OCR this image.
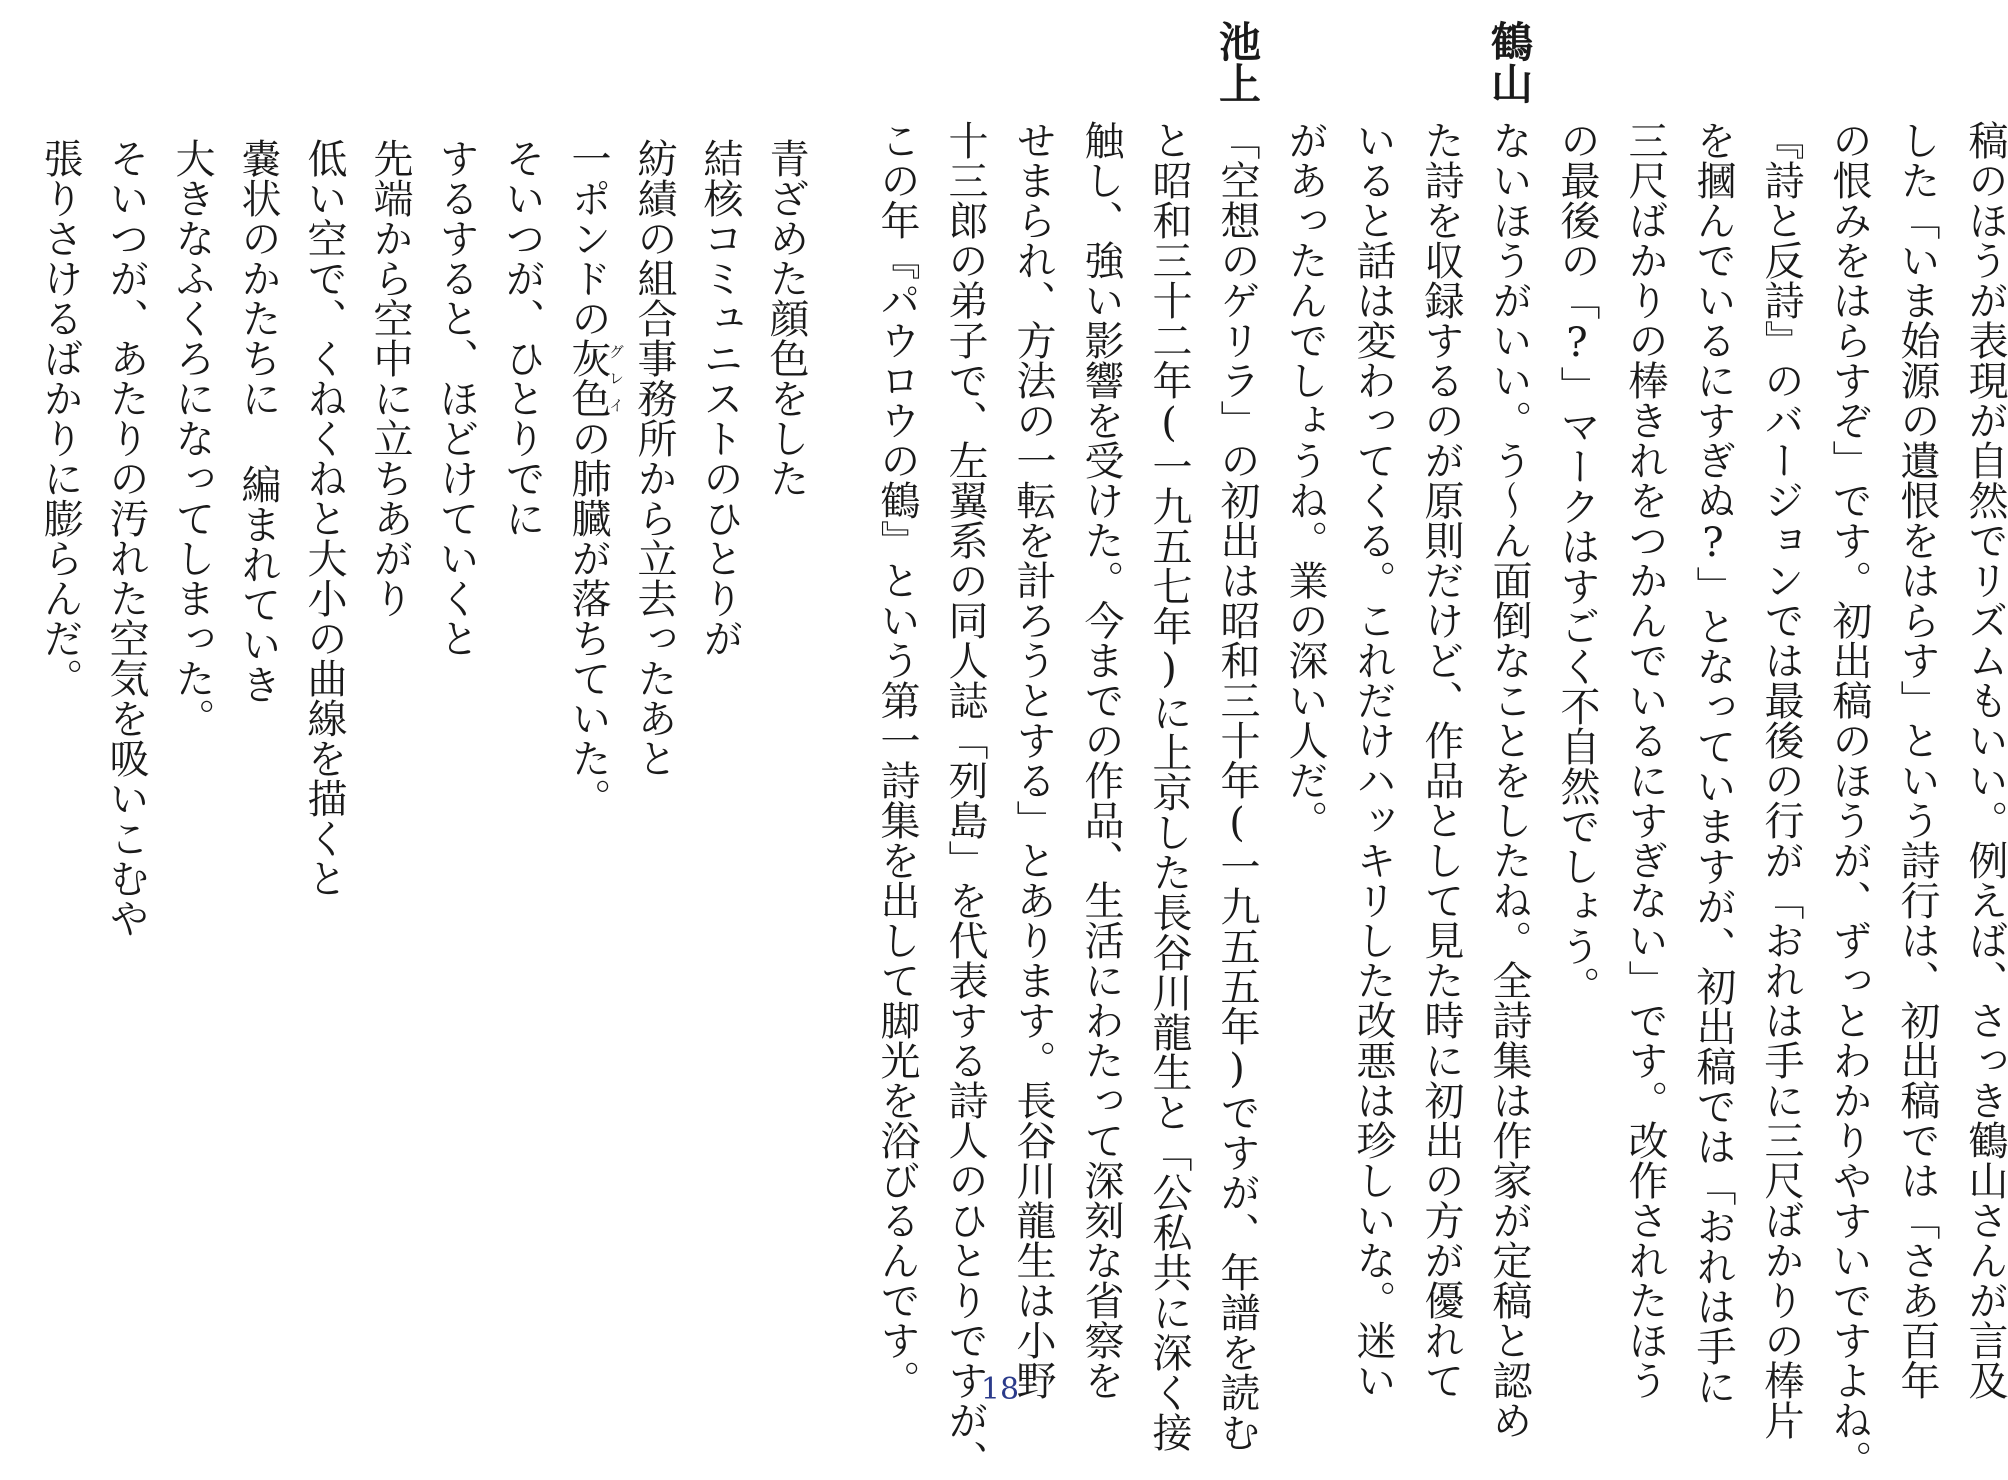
稿のほうが表現が自然でリズムもいい。例えば、さっき鶴山さんが言及
した「いま始源の遺恨をはらす」という詩行は、初出稿では「さあ百年
の恨みをはらすぞ」です。初出稿のほうが、ずっとわかりやすいですよね。
『詩と反詩』のバージョンでは最後の行が「おれは手に三尺ばかりの棒片
を摑んでいるにすぎぬ?」となっていますが、初出稿では「おれは手に
三尺ばかりの棒きれをつかんでいるにすぎない」です。改作されたほう
の最後の「?」マークはすごく不自然でしょう。
鶴山
ないほうがいい。う〜ん面倒なことをしたね。全詩集は作家が定稿と認め
た詩を収録するのが原則だけど、作品として見た時に初出の方が優れて
いると話は変わってくる。これだけハッキリした改悪は珍しいな。迷い
があったんでしょうね。業の深い人だ。
池上
「空想のゲリラ」の初出は昭和三十年(一九五五年)ですが、年譜を読む
と昭和三十二年(一九五七年)に上京した長谷川龍生と「公私共に深く接
触し、強い影響を受けた。今までの作品、生活にわたって深刻な省察を
せまられ、方法の一転を計ろうとする」とあります。長谷川龍生は小野
十三郎の弟子で、左翼系の同人誌「列島」を代表する詩人のひとりですが、
この年『パウロウの鶴』という第一詩集を出して脚光を浴びるんです。
青ざめた顔色をした
結核コミュニストのひとりが
紡績の組合事務所から立去ったあと
一ポンドの灰色グレイの肺臓が落ちていた。
そいつが、ひとりでに
するすると、ほどけていくと
先端から空中に立ちあがり
低い空で、くねくねと大小の曲線を描くと
嚢状のかたちに 編まれていき
大きなふくろになってしまった。
そいつが、あたりの汚れた空気を吸いこむや
張りさけるばかりに膨らんだ。
18
